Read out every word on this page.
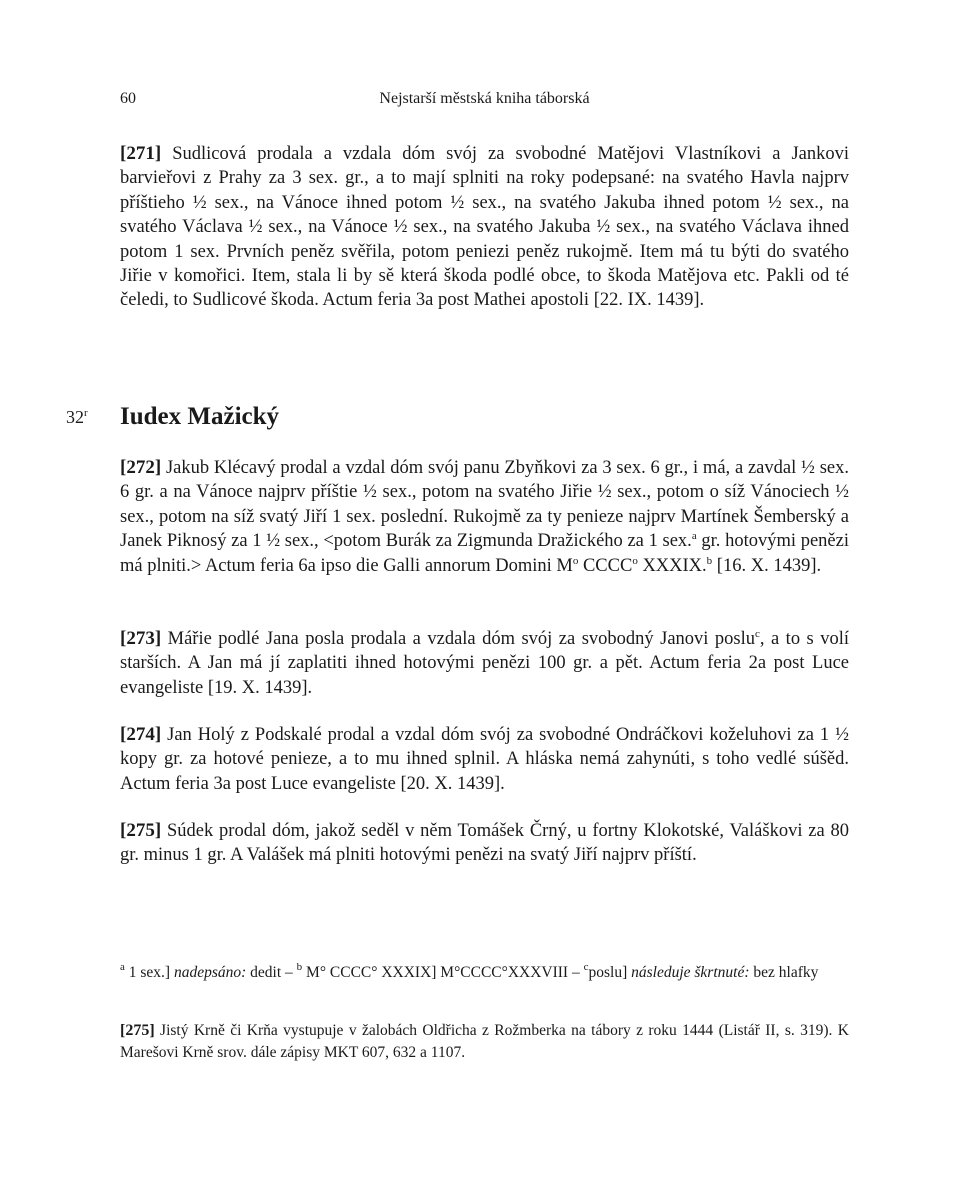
60	Nejstarší městská kniha táborská

[271] Sudlicová prodala a vzdala dóm svój za svobodné Matějovi Vlastníkovi a Jankovi barvieřovi z Prahy za 3 sex. gr., a to mají splniti na roky podepsané: na svatého Havla najprv příštieho ½ sex., na Vánoce ihned potom ½ sex., na svatého Jakuba ihned potom ½ sex., na svatého Václava ½ sex., na Vánoce ½ sex., na svatého Jakuba ½ sex., na svatého Václava ihned potom 1 sex. Prvních peněz svěřila, potom peniezi peněz rukojmě. Item má tu býti do svatého Jiřie v komořici. Item, stala li by sě která škoda podlé obce, to škoda Matějova etc. Pakli od té čeledi, to Sudlicové škoda. Actum feria 3a post Mathei apostoli [22. IX. 1439].

32$^r$ Iudex Mažický

[272] Jakub Klécavý prodal a vzdal dóm svój panu Zbyňkovi za 3 sex. 6 gr., i má, a zavdal ½ sex. 6 gr. a na Vánoce najprv příštie ½ sex., potom na svatého Jiřie ½ sex., potom o síž Vánociech ½ sex., potom na síž svatý Jiří 1 sex. poslední. Rukojmě za ty penieze najprv Martínek Šemberský a Janek Piknosý za 1 ½ sex., <potom Burák za Zigmunda Dražického za 1 sex.$^a$ gr. hotovými penězi má plniti.> Actum feria 6a ipso die Galli annorum Domini $M^o$ CCCC$^o$ XXXIX.$^b$ [16. X. 1439].

[273] Mářie podlé Jana posla prodala a vzdala dóm svój za svobodný Janovi poslu$^c$, a to s volí starších. A Jan má jí zaplatiti ihned hotovými penězi 100 gr. a pět. Actum feria 2a post Luce evangeliste [19. X. 1439].

[274] Jan Holý z Podskalé prodal a vzdal dóm svój za svobodné Ondráčkovi koželuhovi za 1 ½ kopy gr. za hotové penieze, a to mu ihned splnil. A hláska nemá zahynúti, s toho vedlé súšěd. Actum feria 3a post Luce evangeliste [20. X. 1439].

[275] Súdek prodal dóm, jakož seděl v něm Tomášek Črný, u fortny Klokotské, Valáškovi za 80 gr. minus 1 gr. A Valášek má plniti hotovými penězi na svatý Jiří najprv příští.

$^a$ 1 sex.] nadepsáno: dedit – $^b$ M° CCCC° XXXIX] M°CCCC°XXXVIII – $^c$poslu] následuje škrtnuté: bez hlafky

[275] Jistý Krně či Krňa vystupuje v žalobách Oldřicha z Rožmberka na tábory z roku 1444 (Listář II, s. 319). K Marešovi Krně srov. dále zápisy MKT 607, 632 a 1107.
